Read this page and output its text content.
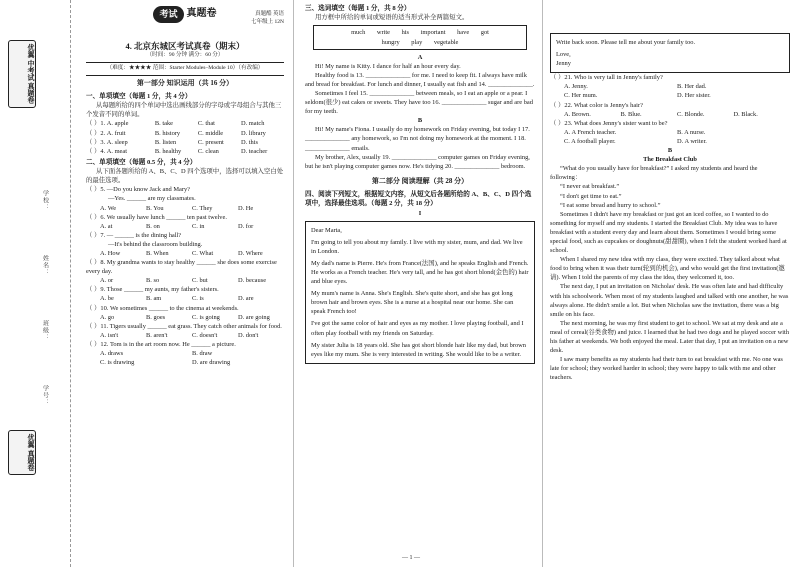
优翼 中考试 真题卷
学校：
姓名：
班级：
学号：
优翼 真题卷
考试 真题卷	真题酷 英语
七年级上 12N
4. 北京东城区考试真卷（期末）
（时间：90 分钟 满分：60 分）
（难度：★★★★ 范围：Starter Modules–Module 10）（有改编）
第一部分 知识运用（共 16 分）
一、单项填空（每题 1 分，共 4 分）
从每题所给的四个单词中选出画线部分的字母或字母组合与其他三个发音不同的单词。
（ ）1. A. apple	B. take	C. that	D. match
（ ）2. A. fruit	B. history	C. middle	D. library
（ ）3. A. sleep	B. listen	C. present	D. this
（ ）4. A. meat	B. healthy	C. clean	D. teacher
二、单项填空（每题 0.5 分，共 4 分）
从下面各题所给的 A、B、C、D 四个选项中，选择可以填入空白处的最佳选项。
（ ）5. —Do you know Jack and Mary?
—Yes. ______ are my classmates.
A. We	B. You	C. They	D. He
（ ）6. We usually have lunch ______ ten past twelve.
A. at	B. on	C. in	D. for
（ ）7. — ______ is the dining hall?
—It's behind the classroom building.
A. How	B. When	C. What	D. Where
（ ）8. My grandma wants to stay healthy ______ she does some exercise every day.
A. or	B. so	C. but	D. because
（ ）9. Those ______ my aunts, my father's sisters.
A. be	B. am	C. is	D. are
（ ）10. We sometimes ______ to the cinema at weekends.
A. go	B. goes	C. is going	D. are going
（ ）11. Tigers usually ______ eat grass. They catch other animals for food.
A. isn't	B. aren't	C. doesn't	D. don't
（ ）12. Tom is in the art room now. He ______ a picture.
A. draws	B. draw
C. is drawing	D. are drawing
三、选词填空（每题 1 分，共 8 分）
用方框中所给的单词或短语的适当形式补全两篇短文。
much write his important have got
hungry play vegetable
A
Hi! My name is Kitty. I dance for half an hour every day.
Healthy food is 13. ______________ for me. I need to keep fit. I always have milk and bread for breakfast. For lunch and dinner, I usually eat fish and 14. ______________.
Sometimes I feel 15. ______________ between meals, so I eat an apple or a pear. I seldom(很少) eat cakes or sweets. They have too 16. ______________ sugar and are bad for my teeth.
B
Hi! My name's Fiona. I usually do my homework on Friday evening, but today I 17. ______________ any homework, so I'm not doing my homework at the moment. I 18. ______________ emails.
My brother, Alex, usually 19. ______________ computer games on Friday evening, but he isn't playing computer games now. He's tidying 20. ______________ bedroom.
第二部分 阅读理解（共 28 分）
四、阅读下列短文，根据短文内容，从短文后各题所给的 A、B、C、D 四个选项中，选择最佳选项。（每题 2 分，共 18 分）
I
Dear Marta,
I'm going to tell you about my family. I live with my sister, mum, and dad. We live in London.
My dad's name is Pierre. He's from France(法国), and he speaks English and French. He works as a French teacher. He's very tall, and he has got short blond(金色的) hair and blue eyes.
My mum's name is Anna. She's English. She's quite short, and she has got long brown hair and brown eyes. She is a nurse at a hospital near our home. She can speak French too!
I've got the same color of hair and eyes as my mother. I love playing football, and I often play football with my friends on Saturday.
My sister Julia is 18 years old. She has got short blonde hair like my dad, but brown eyes like my mum. She is very interested in writing. She would like to be a writer.
Write back soon. Please tell me about your family too.
Love,
Jenny
（ ）21. Who is very tall in Jenny's family?
A. Jenny.	B. Her dad.
C. Her mum.	D. Her sister.
（ ）22. What color is Jenny's hair?
A. Brown.	B. Blue.	C. Blonde.	D. Black.
（ ）23. What does Jenny's sister want to be?
A. A French teacher.	B. A nurse.
C. A football player.	D. A writer.
B
The Breakfast Club
“What do you usually have for breakfast?” I asked my students and heard the following：
“I never eat breakfast.”
“I don't get time to eat.”
“I eat some bread and hurry to school.”
Sometimes I didn't have my breakfast or just got an iced coffee, so I wanted to do something for myself and my students. I started the Breakfast Club. My idea was to have breakfast with a student every day and learn about them. Sometimes I would bring some special food, such as cupcakes or doughnuts(甜甜圈), when I felt the student worked hard at school.
When I shared my new idea with my class, they were excited. They talked about what food to bring when it was their turn(轮到的机会), and who would get the first invitation(邀请). When I told the parents of my class the idea, they welcomed it, too.
The next day, I put an invitation on Nicholas' desk. He was often late and had difficulty with his schoolwork. When most of my students laughed and talked with one another, he was always alone. He didn't smile a lot. But when Nicholas saw the invitation, there was a big smile on his face.
The next morning, he was my first student to get to school. We sat at my desk and ate a meal of cereal(谷类食物) and juice. I learned that he had two dogs and he played soccer with his father at weekends. We both enjoyed the meal. Later that day, I put an invitation on a new desk.
I saw many benefits as my students had their turn to eat breakfast with me. No one was late for school; they worked harder in school; they were happy to talk with me and other teachers.
— 1 —
